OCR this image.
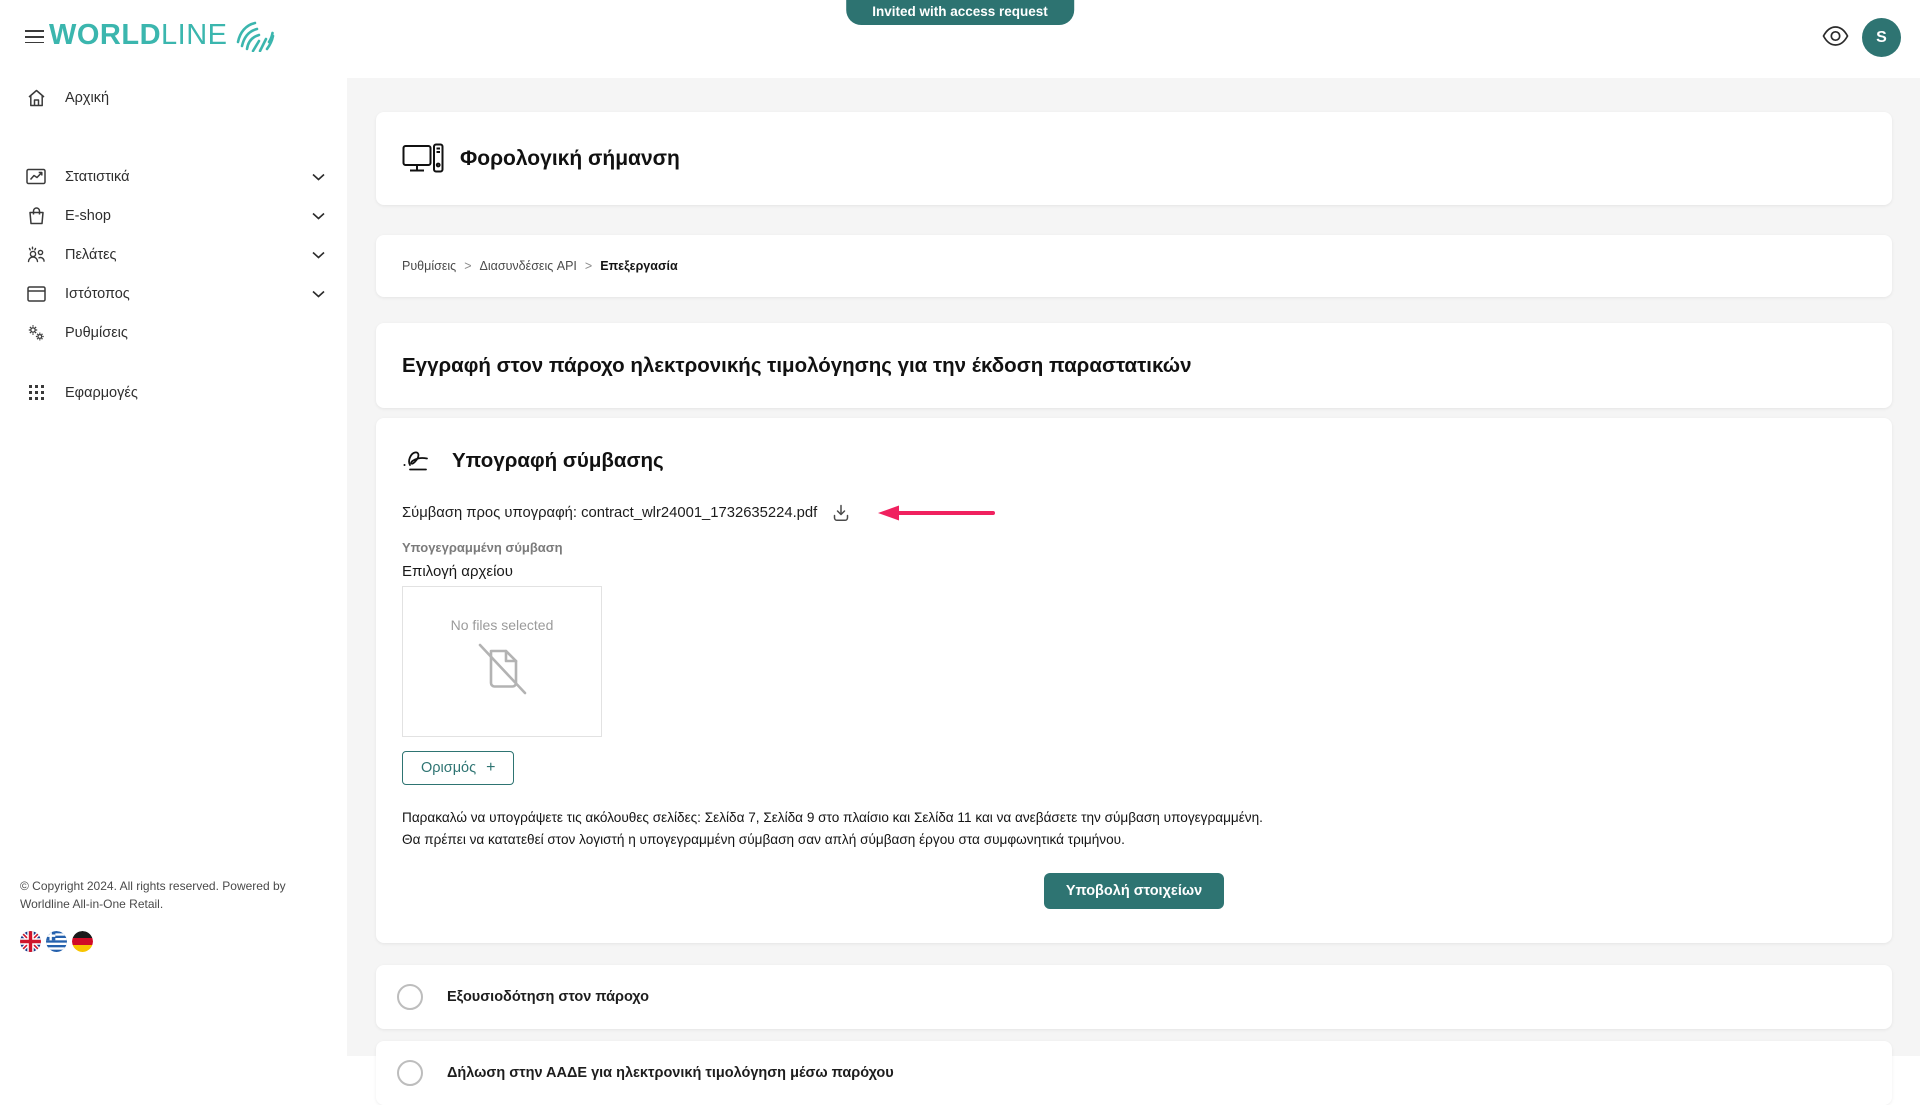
Invited with access request
WORLDLINE	S
Αρχική
Στατιστικά
E-shop
Πελάτες
Ιστότοπος
Ρυθμίσεις
Εφαρμογές
© Copyright 2024. All rights reserved. Powered by Worldline All-in-One Retail.
Φορολογική σήμανση
Ρυθμίσεις > Διασυνδέσεις API > Επεξεργασία
Εγγραφή στον πάροχο ηλεκτρονικής τιμολόγησης για την έκδοση παραστατικών
Υπογραφή σύμβασης
Σύμβαση προς υπογραφή: contract_wlr24001_1732635224.pdf
Υπογεγραμμένη σύμβαση
Επιλογή αρχείου
No files selected
Ορισμός +
Παρακαλώ να υπογράψετε τις ακόλουθες σελίδες: Σελίδα 7, Σελίδα 9 στο πλαίσιο και Σελίδα 11 και να ανεβάσετε την σύμβαση υπογεγραμμένη.
Θα πρέπει να κατατεθεί στον λογιστή η υπογεγραμμένη σύμβαση σαν απλή σύμβαση έργου στα συμφωνητικά τριμήνου.
Υποβολή στοιχείων
Εξουσιοδότηση στον πάροχο
Δήλωση στην ΑΑΔΕ για ηλεκτρονική τιμολόγηση μέσω παρόχου
